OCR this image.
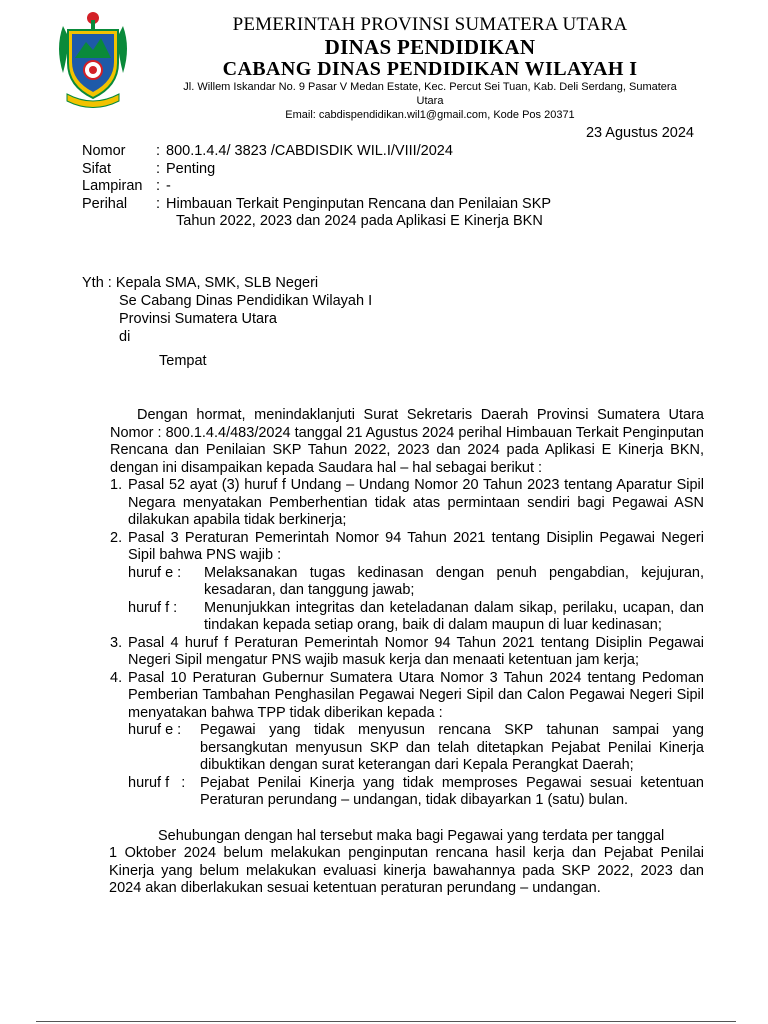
PEMERINTAH PROVINSI SUMATERA UTARA
DINAS PENDIDIKAN
CABANG DINAS PENDIDIKAN WILAYAH I
Jl. Willem Iskandar No. 9 Pasar V Medan Estate, Kec. Percut Sei Tuan, Kab. Deli Serdang, Sumatera Utara
Email: cabdispendidikan.wil1@gmail.com, Kode Pos 20371
23 Agustus 2024
Nomor	: 800.1.4.4/ 3823 /CABDISDIK WIL.I/VIII/2024
Sifat	: Penting
Lampiran : -
Perihal	: Himbauan Terkait Penginputan Rencana dan Penilaian SKP
Tahun 2022, 2023 dan 2024 pada Aplikasi E Kinerja BKN
Yth : Kepala SMA, SMK, SLB Negeri
Se Cabang Dinas Pendidikan Wilayah I
Provinsi Sumatera Utara
di
Tempat
Dengan hormat, menindaklanjuti Surat Sekretaris Daerah Provinsi Sumatera Utara Nomor : 800.1.4.4/483/2024 tanggal 21 Agustus 2024 perihal Himbauan Terkait Penginputan Rencana dan Penilaian SKP Tahun 2022, 2023 dan 2024 pada Aplikasi E Kinerja BKN, dengan ini disampaikan kepada Saudara hal – hal sebagai berikut :
1. Pasal 52 ayat (3) huruf f Undang – Undang Nomor 20 Tahun 2023 tentang Aparatur Sipil Negara menyatakan Pemberhentian tidak atas permintaan sendiri bagi Pegawai ASN dilakukan apabila tidak berkinerja;
2. Pasal 3 Peraturan Pemerintah Nomor 94 Tahun 2021 tentang Disiplin Pegawai Negeri Sipil bahwa PNS wajib :
huruf e :	Melaksanakan tugas kedinasan dengan penuh pengabdian, kejujuran, kesadaran, dan tanggung jawab;
huruf f :	Menunjukkan integritas dan keteladanan dalam sikap, perilaku, ucapan, dan tindakan kepada setiap orang, baik di dalam maupun di luar kedinasan;
3. Pasal 4 huruf f Peraturan Pemerintah Nomor 94 Tahun 2021 tentang Disiplin Pegawai Negeri Sipil mengatur PNS wajib masuk kerja dan menaati ketentuan jam kerja;
4. Pasal 10 Peraturan Gubernur Sumatera Utara Nomor 3 Tahun 2024 tentang Pedoman Pemberian Tambahan Penghasilan Pegawai Negeri Sipil dan Calon Pegawai Negeri Sipil menyatakan bahwa TPP tidak diberikan kepada :
huruf e :	Pegawai yang tidak menyusun rencana SKP tahunan sampai yang bersangkutan menyusun SKP dan telah ditetapkan Pejabat Penilai Kinerja dibuktikan dengan surat keterangan dari Kepala Perangkat Daerah;
huruf f   : Pejabat Penilai Kinerja yang tidak memproses Pegawai sesuai ketentuan Peraturan perundang – undangan, tidak dibayarkan 1 (satu) bulan.
Sehubungan dengan hal tersebut maka bagi Pegawai yang terdata per tanggal
1 Oktober 2024 belum melakukan penginputan rencana hasil kerja dan Pejabat Penilai Kinerja yang belum melakukan evaluasi kinerja bawahannya pada SKP 2022, 2023 dan 2024 akan diberlakukan sesuai ketentuan peraturan perundang – undangan.
